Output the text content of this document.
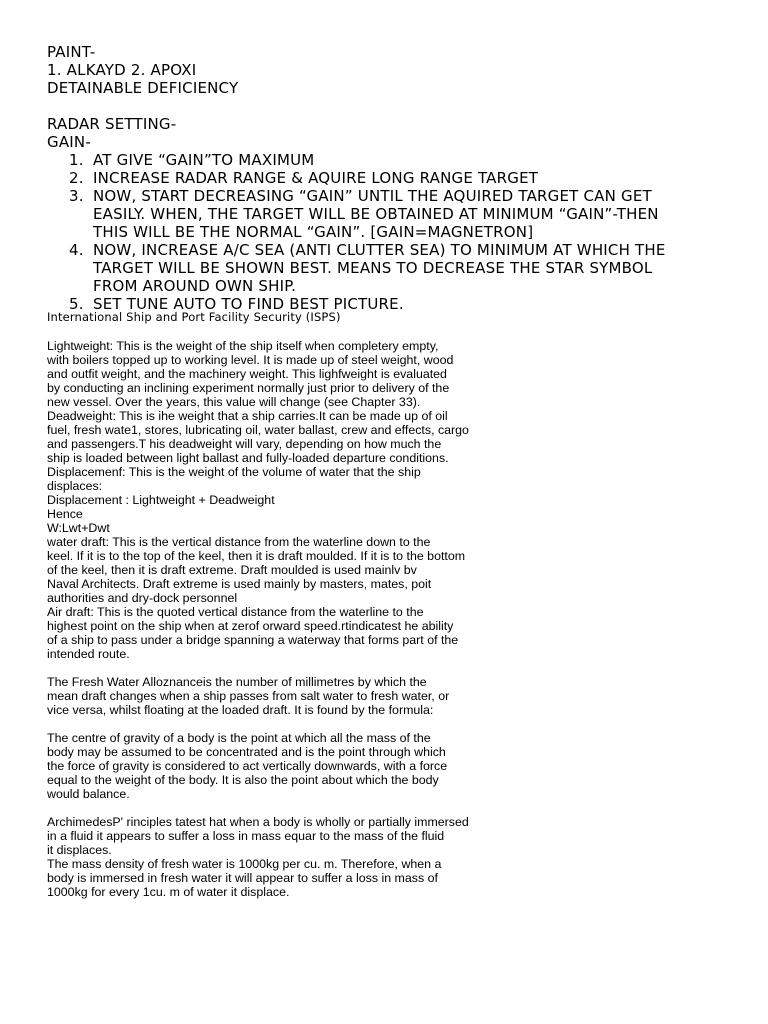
PAINT-
1. ALKAYD 2. APOXI
DETAINABLE DEFICIENCY
RADAR SETTING-
GAIN-
1. AT GIVE “GAIN”TO MAXIMUM
2. INCREASE RADAR RANGE & AQUIRE LONG RANGE TARGET
3. NOW, START DECREASING “GAIN” UNTIL THE AQUIRED TARGET CAN GET
EASILY. WHEN, THE TARGET WILL BE OBTAINED AT MINIMUM “GAIN”-THEN
THIS WILL BE THE NORMAL “GAIN”. [GAIN=MAGNETRON]
4. NOW, INCREASE A/C SEA (ANTI CLUTTER SEA) TO MINIMUM AT WHICH THE
TARGET WILL BE SHOWN BEST. MEANS TO DECREASE THE STAR SYMBOL
FROM AROUND OWN SHIP.
5. SET TUNE AUTO TO FIND BEST PICTURE.
International Ship and Port Facility Security (ISPS)
Lightweight: This is the weight of the ship itself when completery empty,
with boilers topped up to working level. It is made up of steel weight, wood
and outfit weight, and the machinery weight. This lighfweight is evaluated
by conducting an inclining experiment normally just prior to delivery of the
new vessel. Over the years, this value will change (see Chapter 33).
Deadweight: This is ihe weight that a ship carries.It can be made up of oil
fuel, fresh wate1, stores, lubricating oil, water ballast, crew and effects, cargo
and passengers.T his deadweight will vary, depending on how much the
ship is loaded between light ballast and fully-loaded departure conditions.
Displacemenf: This is the weight of the volume of water that the ship
displaces:
Displacement : Lightweight + Deadweight
Hence
W:Lwt+Dwt
water draft: This is the vertical distance from the waterline down to the
keel. If it is to the top of the keel, then it is draft moulded. If it is to the bottom
of the keel, then it is draft extreme. Draft moulded is used mainlv bv
Naval Architects. Draft extreme is used mainly by masters, mates, poit
authorities and dry-dock personnel
Air draft: This is the quoted vertical distance from the waterline to the
highest point on the ship when at zerof orward speed.rtindicatest he ability
of a ship to pass under a bridge spanning a waterway that forms part of the
intended route.
The Fresh Water Alloznanceis the number of millimetres by which the
mean draft changes when a ship passes from salt water to fresh water, or
vice versa, whilst floating at the loaded draft. It is found by the formula:
The centre of gravity of a body is the point at which all the mass of the
body may be assumed to be concentrated and is the point through which
the force of gravity is considered to act vertically downwards, with a force
equal to the weight of the body. It is also the point about which the body
would balance.
ArchimedesP' rinciples tatest hat when a body is wholly or partially immersed
in a fluid it appears to suffer a loss in mass equar to the mass of the fluid
it displaces.
The mass density of fresh water is 1000kg per cu. m. Therefore, when a
body is immersed in fresh water it will appear to suffer a loss in mass of
1000kg for every 1cu. m of water it displace.
